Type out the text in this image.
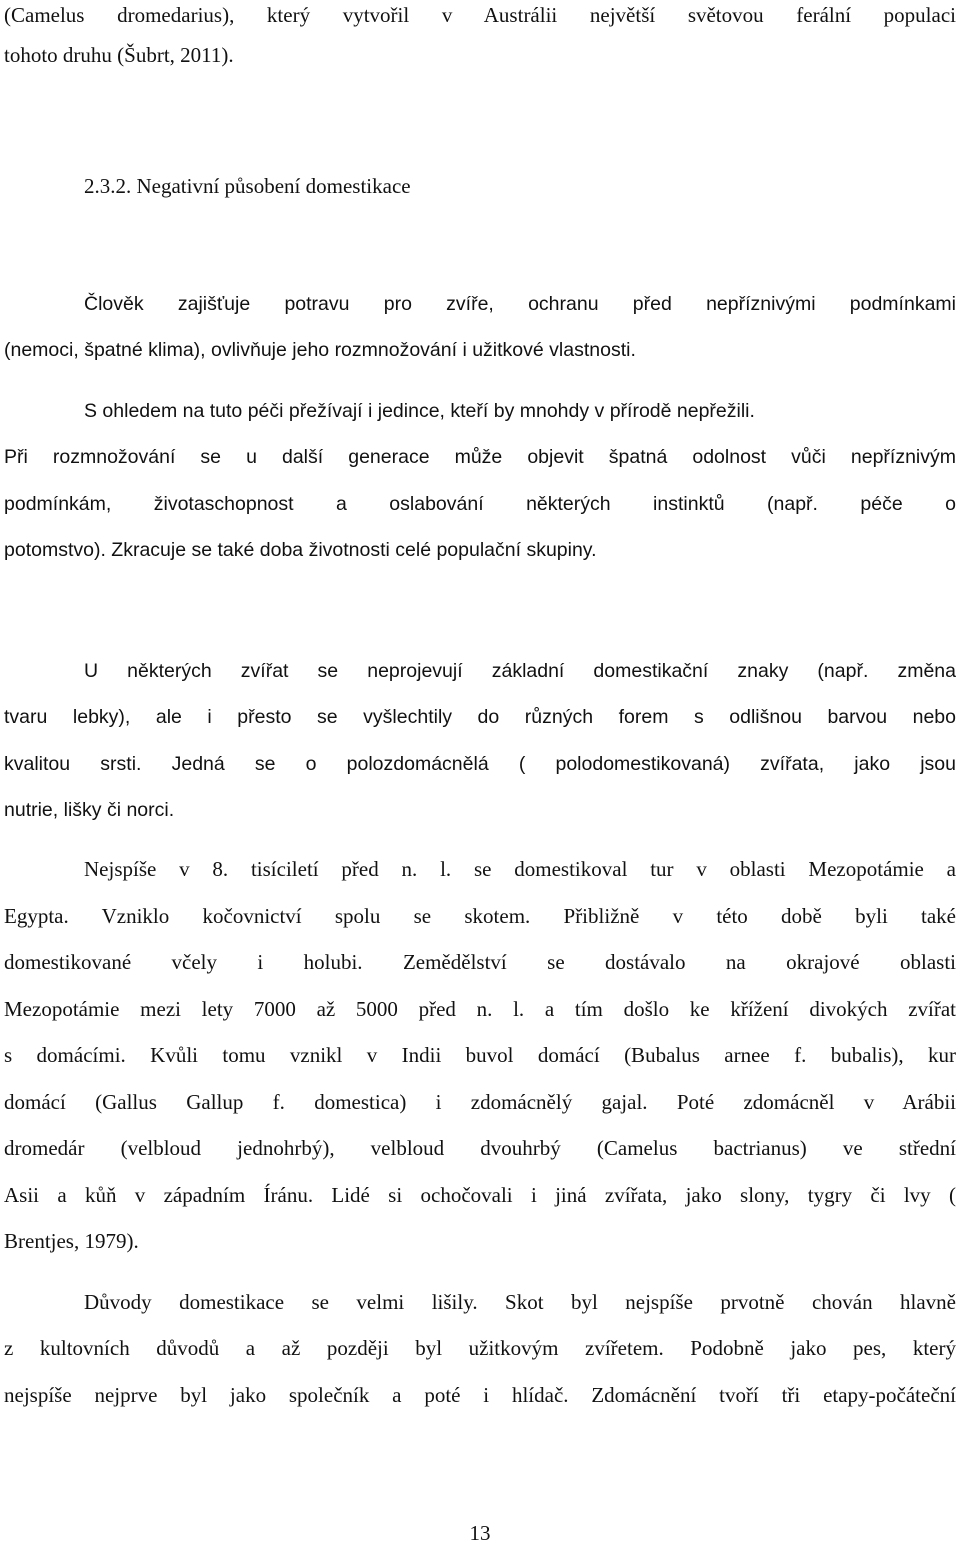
(Camelus dromedarius), který vytvořil v Austrálii největší světovou ferální populaci
tohoto druhu (Šubrt, 2011).
2.3.2. Negativní působení domestikace
Člověk zajišťuje potravu pro zvíře, ochranu před nepříznivými podmínkami
(nemoci, špatné klima), ovlivňuje jeho rozmnožování i užitkové vlastnosti.
S ohledem na tuto péči přežívají i jedince, kteří by mnohdy v přírodě nepřežili.
Při rozmnožování se u další generace může objevit špatná odolnost vůči nepříznivým
podmínkám, životaschopnost a oslabování některých instinktů (např. péče o
potomstvo). Zkracuje se také doba životnosti celé populační skupiny.
U některých zvířat se neprojevují základní domestikační znaky (např. změna
tvaru lebky), ale i přesto se vyšlechtily do různých forem s odlišnou barvou nebo
kvalitou srsti. Jedná se o polozdomácnělá ( polodomestikovaná) zvířata, jako jsou
nutrie, lišky či norci.
Nejspíše v 8. tisíciletí před n. l. se domestikoval tur v oblasti Mezopotámie a
Egypta. Vzniklo kočovnictví spolu se skotem. Přibližně v této době byli také
domestikované včely i holubi. Zemědělství se dostávalo na okrajové oblasti
Mezopotámie mezi lety 7000 až 5000 před n. l. a tím došlo ke křížení divokých zvířat
s domácími. Kvůli tomu vznikl v Indii buvol domácí (Bubalus arnee f. bubalis), kur
domácí (Gallus Gallup f. domestica) i zdomácnělý gajal. Poté zdomácněl v Arábii
dromedár (velbloud jednohrbý), velbloud dvouhrbý (Camelus bactrianus) ve střední
Asii a kůň v západním Íránu. Lidé si ochočovali i jiná zvířata, jako slony, tygry či lvy (
Brentjes, 1979).
Důvody domestikace se velmi lišily. Skot byl nejspíše prvotně chován hlavně
z kultovních důvodů a až později byl užitkovým zvířetem. Podobně jako pes, který
nejspíše nejprve byl jako společník a poté i hlídač. Zdomácnění tvoří tři etapy-počáteční
13
